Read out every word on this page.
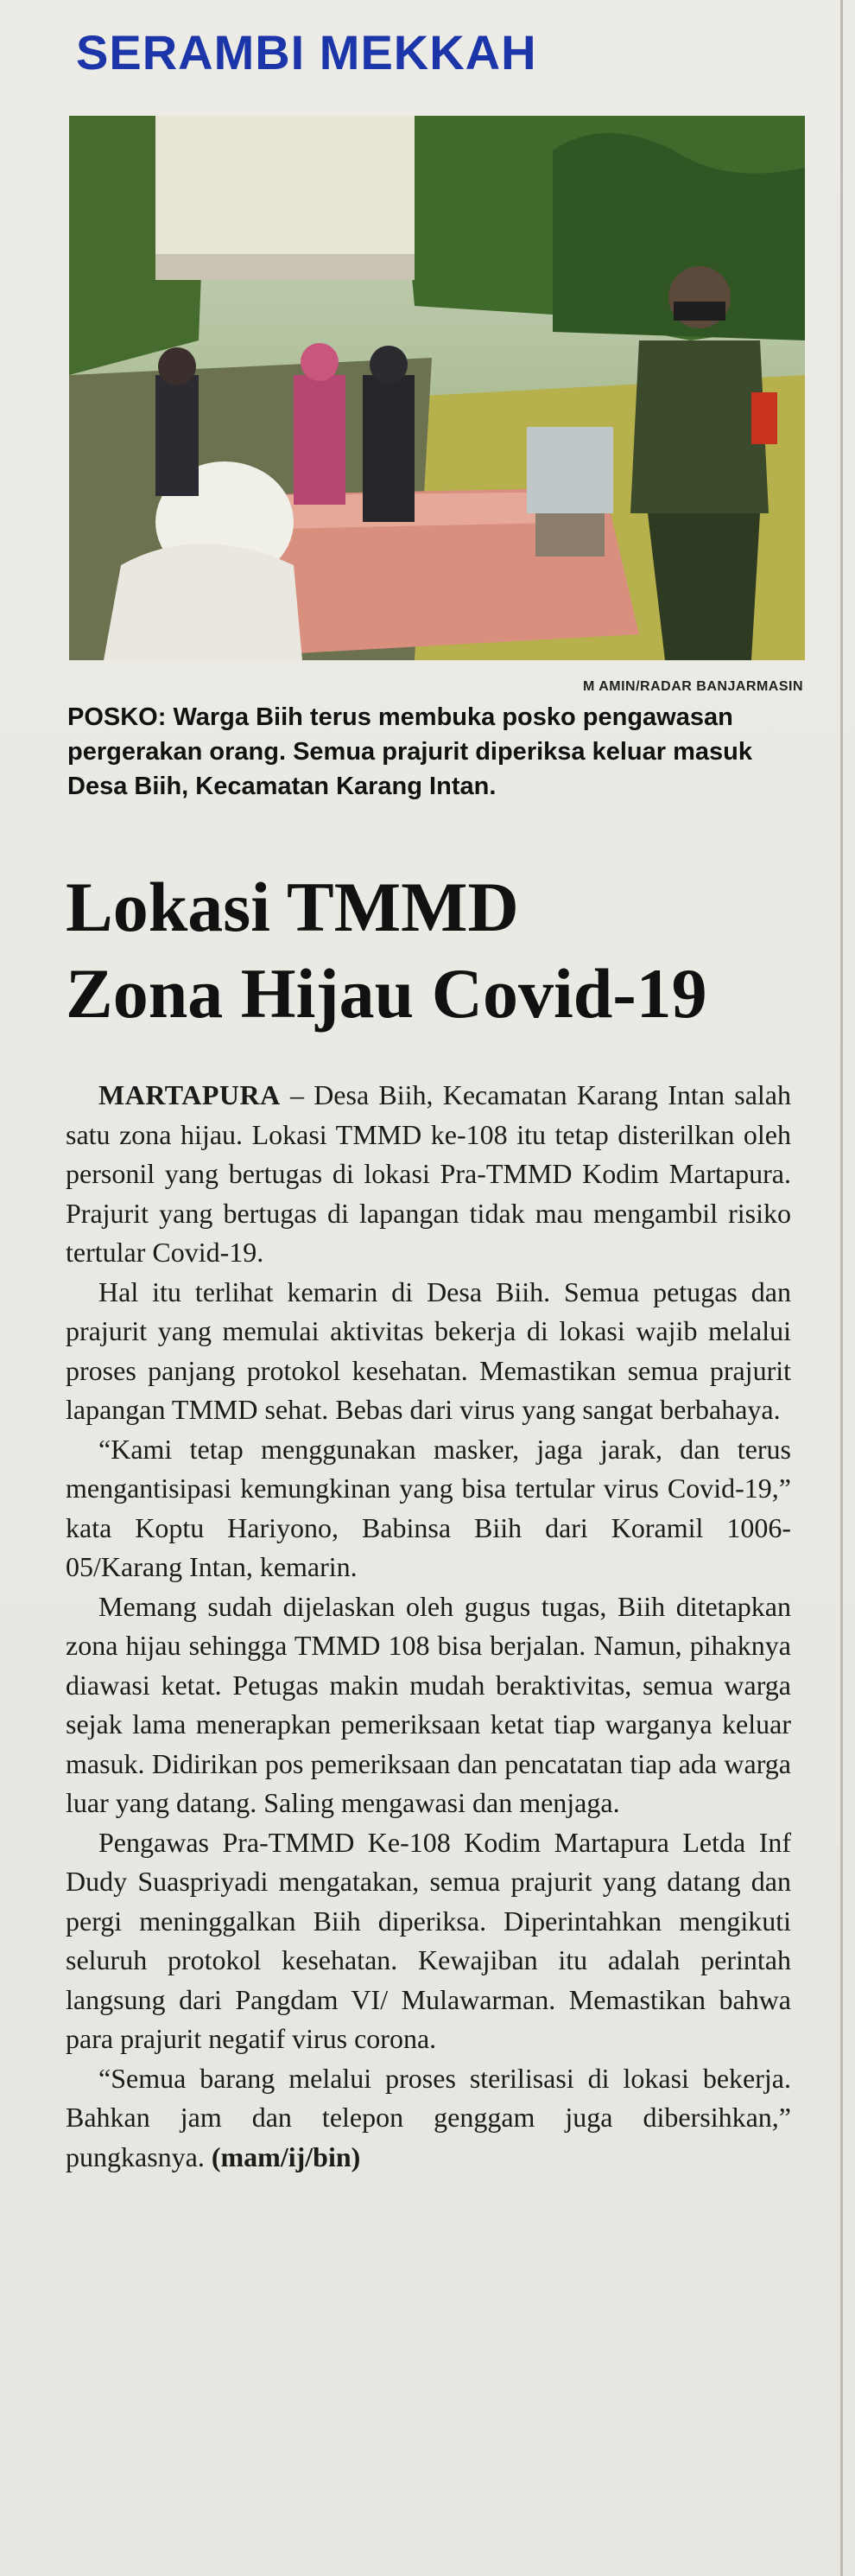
SERAMBI MEKKAH
M AMIN/RADAR BANJARMASIN
POSKO: Warga Biih terus membuka posko pengawasan pergerakan orang. Semua prajurit diperiksa keluar masuk Desa Biih, Kecamatan Karang Intan.
Lokasi TMMD
Zona Hijau Covid-19

MARTAPURA – Desa Biih, Kecamatan Karang Intan salah satu zona hijau. Lokasi TMMD ke-108 itu tetap disterilkan oleh personil yang bertugas di lokasi Pra-TMMD Kodim Martapura. Prajurit yang bertugas di lapangan tidak mau mengambil risiko tertular Covid-19.

Hal itu terlihat kemarin di Desa Biih. Semua petugas dan prajurit yang memulai aktivitas bekerja di lokasi wajib melalui proses panjang protokol kesehatan. Memastikan semua prajurit lapangan TMMD sehat. Bebas dari virus yang sangat berbahaya.

“Kami tetap menggunakan masker, jaga jarak, dan terus mengantisipasi kemungkinan yang bisa tertular virus Covid-19,” kata Koptu Hariyono, Babinsa Biih dari Koramil 1006-05/Karang Intan, kemarin.

Memang sudah dijelaskan oleh gugus tugas, Biih ditetapkan zona hijau sehingga TMMD 108 bisa berjalan. Namun, pihaknya diawasi ketat. Petugas makin mudah beraktivitas, semua warga sejak lama menerapkan pemeriksaan ketat tiap warganya keluar masuk. Didirikan pos pemeriksaan dan pencatatan tiap ada warga luar yang datang. Saling mengawasi dan menjaga.

Pengawas Pra-TMMD Ke-108 Kodim Martapura Letda Inf Dudy Suaspriyadi mengatakan, semua prajurit yang datang dan pergi meninggalkan Biih diperiksa. Diperintahkan mengikuti seluruh protokol kesehatan. Kewajiban itu adalah perintah langsung dari Pangdam VI/ Mulawarman. Memastikan bahwa para prajurit negatif virus corona.

“Semua barang melalui proses sterilisasi di lokasi bekerja. Bahkan jam dan telepon genggam juga dibersihkan,” pungkasnya. (mam/ij/bin)
